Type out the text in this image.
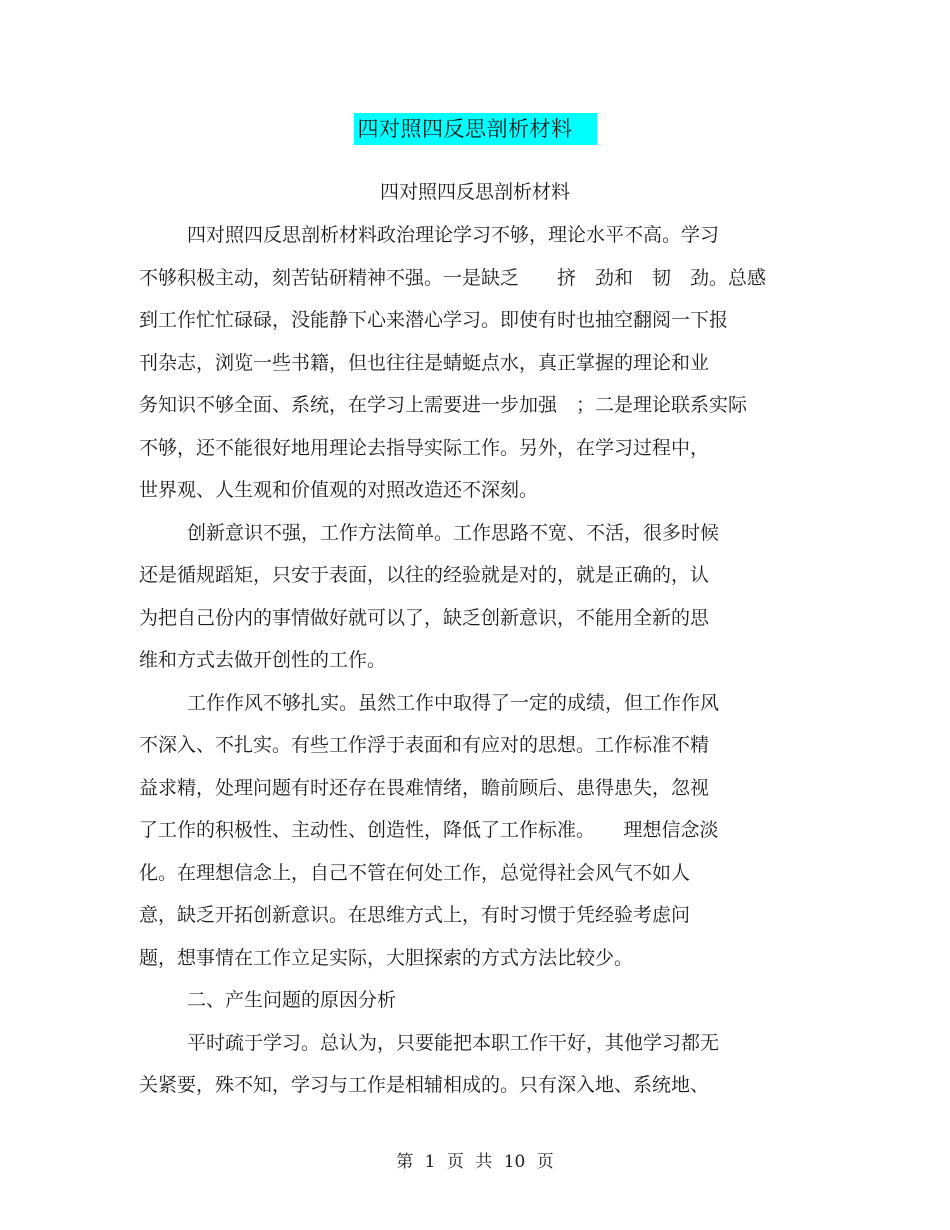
四对照四反思剖析材料
四对照四反思剖析材料
四对照四反思剖析材料政治理论学习不够，理论水平不高。学习
不够积极主动，刻苦钻研精神不强。一是缺乏　　挤　劲和　韧　劲。总感
到工作忙忙碌碌，没能静下心来潜心学习。即使有时也抽空翻阅一下报
刊杂志，浏览一些书籍，但也往往是蜻蜓点水，真正掌握的理论和业
务知识不够全面、系统，在学习上需要进一步加强　；二是理论联系实际
不够，还不能很好地用理论去指导实际工作。另外，在学习过程中，
世界观、人生观和价值观的对照改造还不深刻。
创新意识不强，工作方法简单。工作思路不宽、不活，很多时候
还是循规蹈矩，只安于表面，以往的经验就是对的，就是正确的，认
为把自己份内的事情做好就可以了，缺乏创新意识，不能用全新的思
维和方式去做开创性的工作。
工作作风不够扎实。虽然工作中取得了一定的成绩，但工作作风
不深入、不扎实。有些工作浮于表面和有应对的思想。工作标准不精
益求精，处理问题有时还存在畏难情绪，瞻前顾后、患得患失，忽视
了工作的积极性、主动性、创造性，降低了工作标准。　　理想信念淡
化。在理想信念上，自己不管在何处工作，总觉得社会风气不如人
意，缺乏开拓创新意识。在思维方式上，有时习惯于凭经验考虑问
题，想事情在工作立足实际，大胆探索的方式方法比较少。
二、产生问题的原因分析
平时疏于学习。总认为，只要能把本职工作干好，其他学习都无
关紧要，殊不知，学习与工作是相辅相成的。只有深入地、系统地、
第 1 页 共 10 页
